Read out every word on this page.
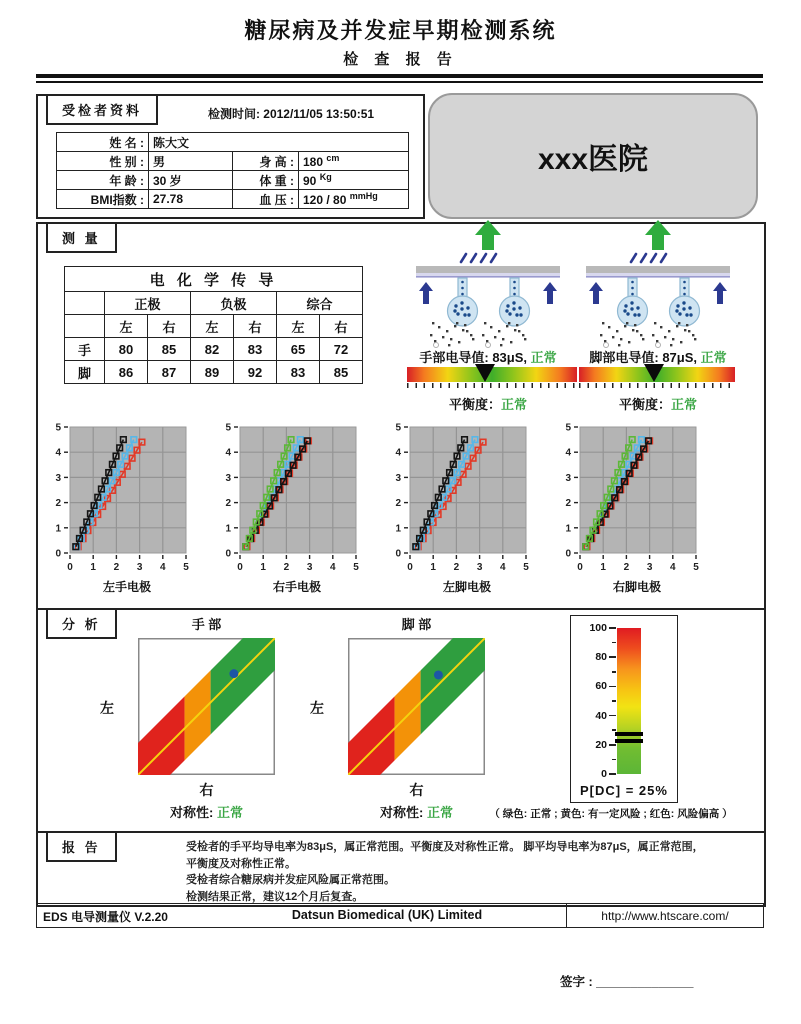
糖尿病及并发症早期检测系统
检 查 报 告
受检者资料	检测时间: 2012/11/05 13:50:51
姓 名 :	陈大文		
性 别 :	男	身 高 :	180 $^{cm}$
年 龄 :	30 岁	体 重 :	90 $^{Kg}$
BMI指数 :	27.78	血 压 :	120 / 80 $^{mmHg}$
xxx医院
测 量
电 化 学 传 导						
	正极		负极		综合	
	左	右	左	右	左	右
手	80	85	82	83	65	72
脚	86	87	89	92	83	85
手部电导值: 83μS, 正常	脚部电导值: 87μS, 正常
平衡度：正常	平衡度：正常
0
0
1
1
2
2
3
3
4
4
5
5
左手电极
0
0
1
1
2
2
3
3
4
4
5
5
右手电极
0
0
1
1
2
2
3
3
4
4
5
5
左脚电极
0
0
1
1
2
2
3
3
4
4
5
5
右脚电极
分 析	手 部	脚 部
左	左
右	右
对称性: 正常	对称性: 正常
P[DC] = 25%
0
20
40
60
80
100
（ 绿色: 正常 ; 黄色: 有一定风险 ; 红色: 风险偏高 ）
报 告	受检者的手平均导电率为83μS，属正常范围。平衡度及对称性正常。 脚平均导电率为87μS，属正常范围，
平衡度及对称性正常。
受检者综合糖尿病并发症风险属正常范围。
检测结果正常，建议12个月后复查。
EDS 电导测量仪 V.2.20	Datsun Biomedical (UK) Limited	http://www.htscare.com/
签字 : ______________
